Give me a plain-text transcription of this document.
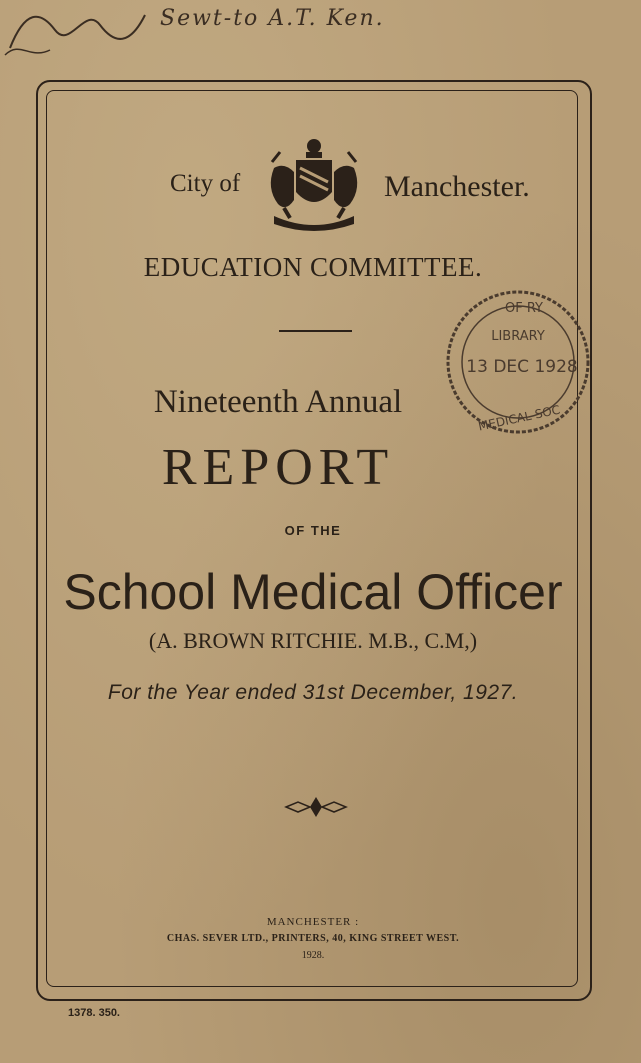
Sewt-to A.T. Ken.
City of	Manchester.
EDUCATION COMMITTEE.
OF RY
LIBRARY
13 DEC 1928
MEDICAL SOC
Nineteenth Annual
REPORT
OF THE
School Medical Officer
(A. BROWN RITCHIE. M.B., C.M,)
For the Year ended 31st December, 1927.
MANCHESTER :
CHAS. SEVER LTD., PRINTERS, 40, KING STREET WEST.
1928.
1378. 350.
